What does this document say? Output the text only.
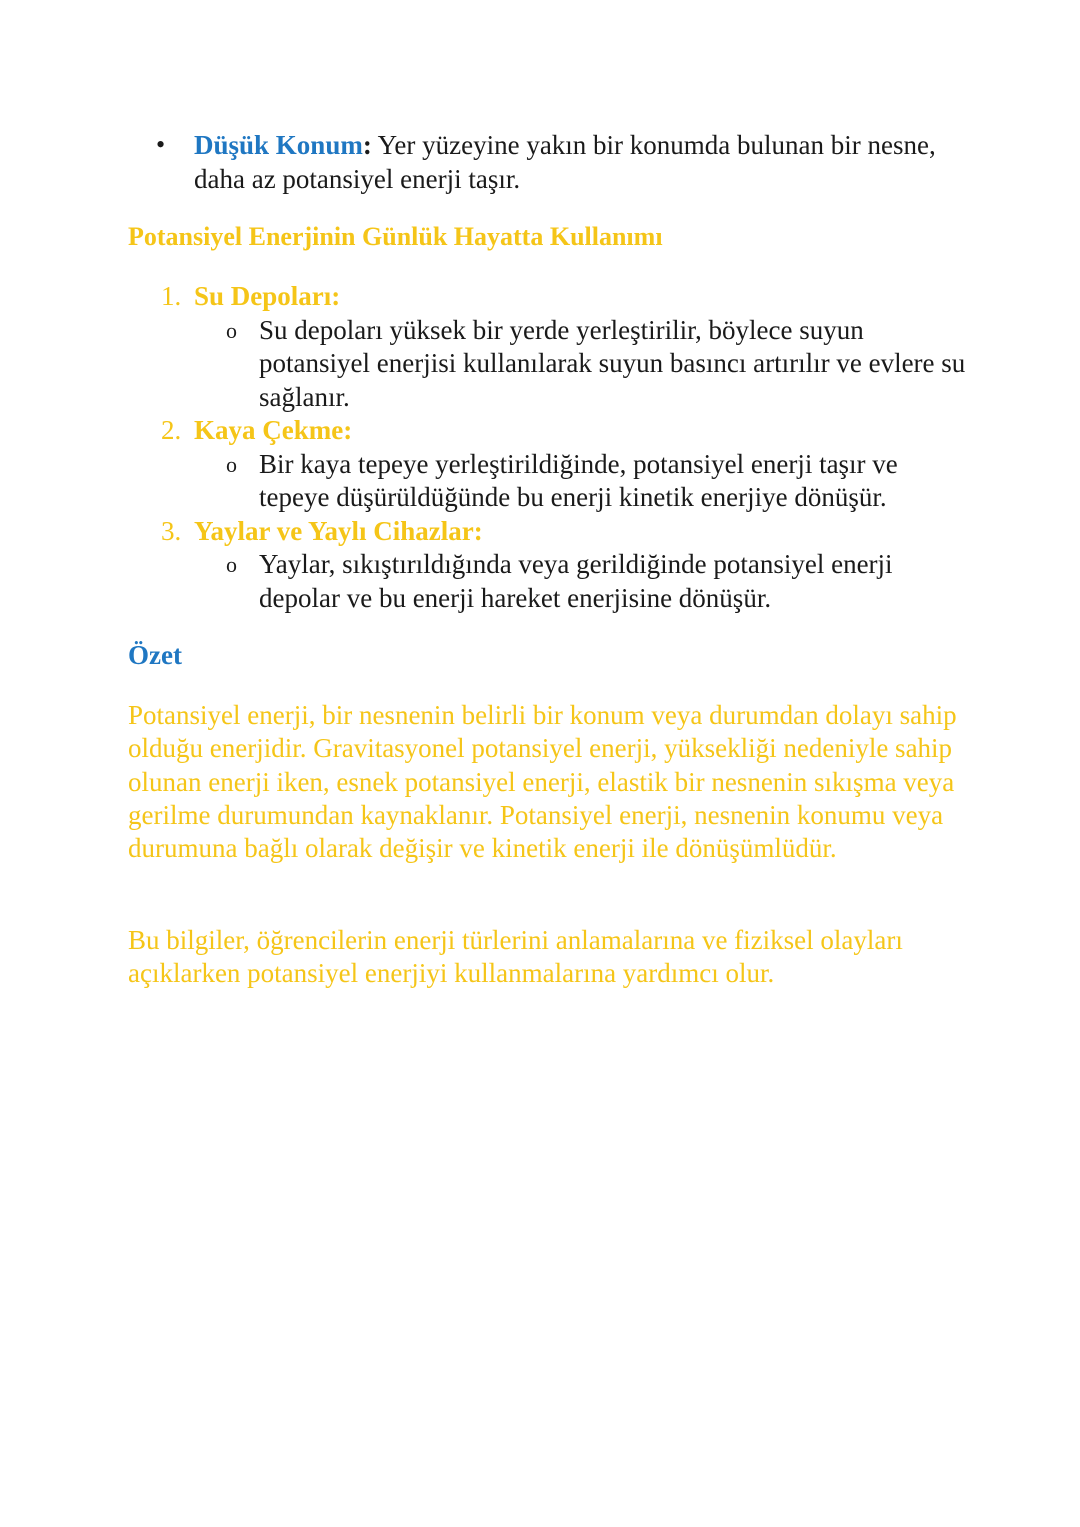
•	Düşük Konum: Yer yüzeyine yakın bir konumda bulunan bir nesne, daha az potansiyel enerji taşır.
Potansiyel Enerjinin Günlük Hayatta Kullanımı
1. Su Depoları:
o Su depoları yüksek bir yerde yerleştirilir, böylece suyun potansiyel enerjisi kullanılarak suyun basıncı artırılır ve evlere su sağlanır.
2. Kaya Çekme:
o Bir kaya tepeye yerleştirildiğinde, potansiyel enerji taşır ve tepeye düşürüldüğünde bu enerji kinetik enerjiye dönüşür.
3. Yaylar ve Yaylı Cihazlar:
o Yaylar, sıkıştırıldığında veya gerildiğinde potansiyel enerji depolar ve bu enerji hareket enerjisine dönüşür.
Özet

Potansiyel enerji, bir nesnenin belirli bir konum veya durumdan dolayı sahip olduğu enerjidir. Gravitasyonel potansiyel enerji, yüksekliği nedeniyle sahip olunan enerji iken, esnek potansiyel enerji, elastik bir nesnenin sıkışma veya gerilme durumundan kaynaklanır. Potansiyel enerji, nesnenin konumu veya durumuna bağlı olarak değişir ve kinetik enerji ile dönüşümlüdür.

Bu bilgiler, öğrencilerin enerji türlerini anlamalarına ve fiziksel olayları açıklarken potansiyel enerjiyi kullanmalarına yardımcı olur.
